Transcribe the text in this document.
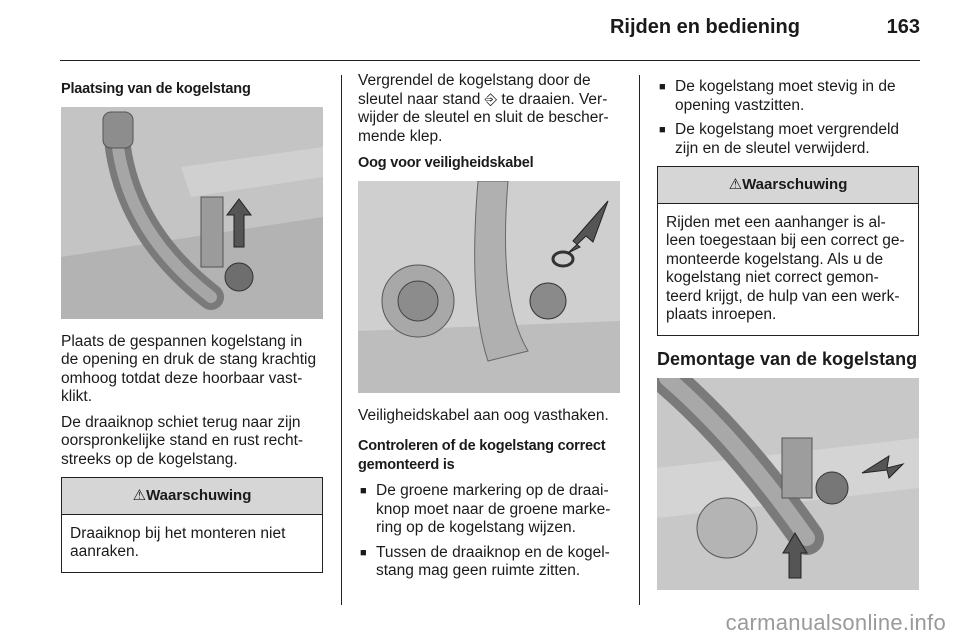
Rijden en bediening	163
Plaatsing van de kogelstang

Plaats de gespannen kogelstang in de opening en druk de stang krachtig omhoog totdat deze hoorbaar vast- klikt.

De draaiknop schiet terug naar zijn oorspronkelijke stand en rust recht- streeks op de kogelstang.

⚠Waarschuwing
Draaiknop bij het monteren niet aanraken.

Vergrendel de kogelstang door de sleutel naar stand ⎆ te draaien. Ver- wijder de sleutel en sluit de bescher- mende klep.

Oog voor veiligheidskabel

Veiligheidskabel aan oog vasthaken.

Controleren of de kogelstang correct gemonteerd is
■ De groene markering op de draai- knop moet naar de groene marke- ring op de kogelstang wijzen.
■ Tussen de draaiknop en de kogel- stang mag geen ruimte zitten.
■ De kogelstang moet stevig in de opening vastzitten.
■ De kogelstang moet vergrendeld zijn en de sleutel verwijderd.
⚠Waarschuwing
Rijden met een aanhanger is al- leen toegestaan bij een correct ge- monteerde kogelstang. Als u de kogelstang niet correct gemon- teerd krijgt, de hulp van een werk- plaats inroepen.
Demontage van de kogelstang
carmanualsonline.info
